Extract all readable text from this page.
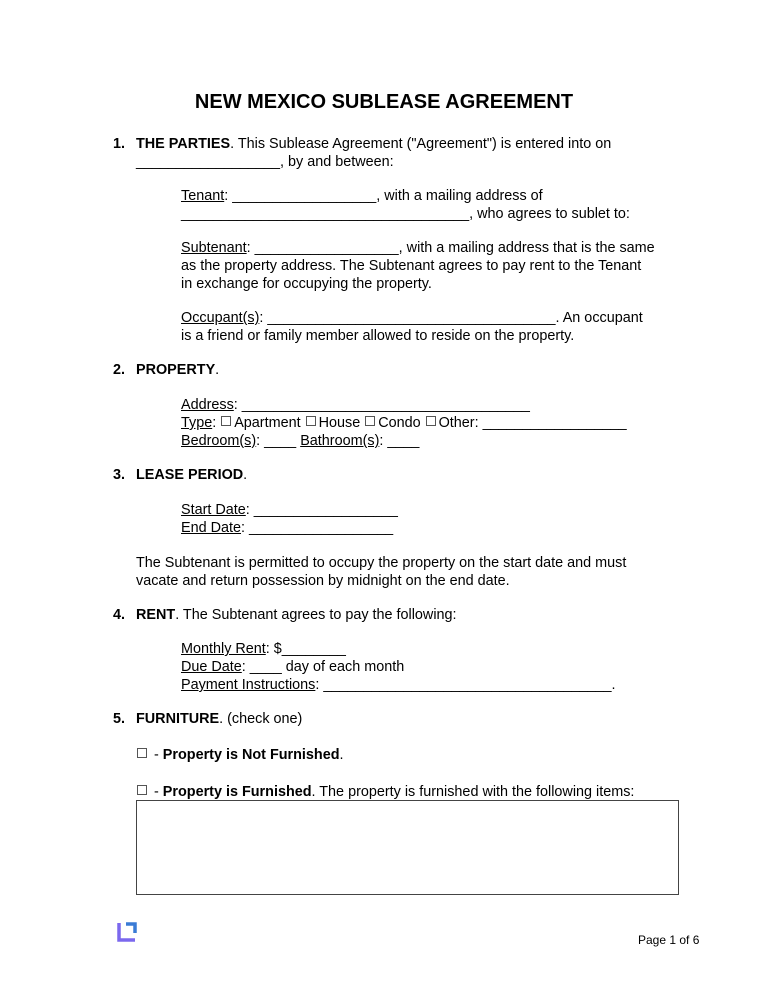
NEW MEXICO SUBLEASE AGREEMENT
1. THE PARTIES. This Sublease Agreement ("Agreement") is entered into on
__________________, by and between:
Tenant: __________________, with a mailing address of
____________________________________, who agrees to sublet to:
Subtenant: __________________, with a mailing address that is the same
as the property address. The Subtenant agrees to pay rent to the Tenant
in exchange for occupying the property.
Occupant(s): ____________________________________. An occupant
is a friend or family member allowed to reside on the property.
2. PROPERTY.
Address: ____________________________________
Type: Apartment House Condo Other: __________________
Bedroom(s): ____ Bathroom(s): ____
3. LEASE PERIOD.
Start Date: __________________
End Date: __________________
The Subtenant is permitted to occupy the property on the start date and must
vacate and return possession by midnight on the end date.
4. RENT. The Subtenant agrees to pay the following:
Monthly Rent: $________
Due Date: ____ day of each month
Payment Instructions: ____________________________________.
5. FURNITURE. (check one)
- Property is Not Furnished.
- Property is Furnished. The property is furnished with the following items:
Page 1 of 6
